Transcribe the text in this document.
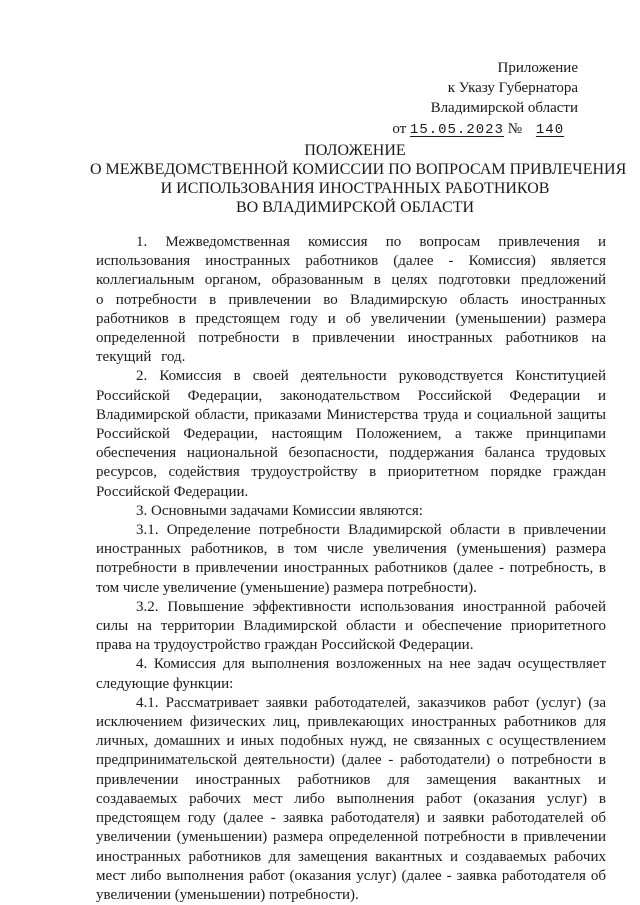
Приложение
к Указу Губернатора
Владимирской области
от 15.05.2023 № 140
ПОЛОЖЕНИЕ
О МЕЖВЕДОМСТВЕННОЙ КОМИССИИ ПО ВОПРОСАМ ПРИВЛЕЧЕНИЯ
И ИСПОЛЬЗОВАНИЯ ИНОСТРАННЫХ РАБОТНИКОВ
ВО ВЛАДИМИРСКОЙ ОБЛАСТИ

1. Межведомственная комиссия по вопросам привлечения и использования иностранных работников (далее - Комиссия) является коллегиальным органом, образованным в целях подготовки предложений о потребности в привлечении во Владимирскую область иностранных работников в предстоящем году и об увеличении (уменьшении) размера определенной потребности в привлечении иностранных работников на текущий год.

2. Комиссия в своей деятельности руководствуется Конституцией Российской Федерации, законодательством Российской Федерации и Владимирской области, приказами Министерства труда и социальной защиты Российской Федерации, настоящим Положением, а также принципами обеспечения национальной безопасности, поддержания баланса трудовых ресурсов, содействия трудоустройству в приоритетном порядке граждан Российской Федерации.

3. Основными задачами Комиссии являются:

3.1. Определение потребности Владимирской области в привлечении иностранных работников, в том числе увеличения (уменьшения) размера потребности в привлечении иностранных работников (далее - потребность, в том числе увеличение (уменьшение) размера потребности).

3.2. Повышение эффективности использования иностранной рабочей силы на территории Владимирской области и обеспечение приоритетного права на трудоустройство граждан Российской Федерации.

4. Комиссия для выполнения возложенных на нее задач осуществляет следующие функции:

4.1. Рассматривает заявки работодателей, заказчиков работ (услуг) (за исключением физических лиц, привлекающих иностранных работников для личных, домашних и иных подобных нужд, не связанных с осуществлением предпринимательской деятельности) (далее - работодатели) о потребности в привлечении иностранных работников для замещения вакантных и создаваемых рабочих мест либо выполнения работ (оказания услуг) в предстоящем году (далее - заявка работодателя) и заявки работодателей об увеличении (уменьшении) размера определенной потребности в привлечении иностранных работников для замещения вакантных и создаваемых рабочих мест либо выполнения работ (оказания услуг) (далее - заявка работодателя об увеличении (уменьшении) потребности).
